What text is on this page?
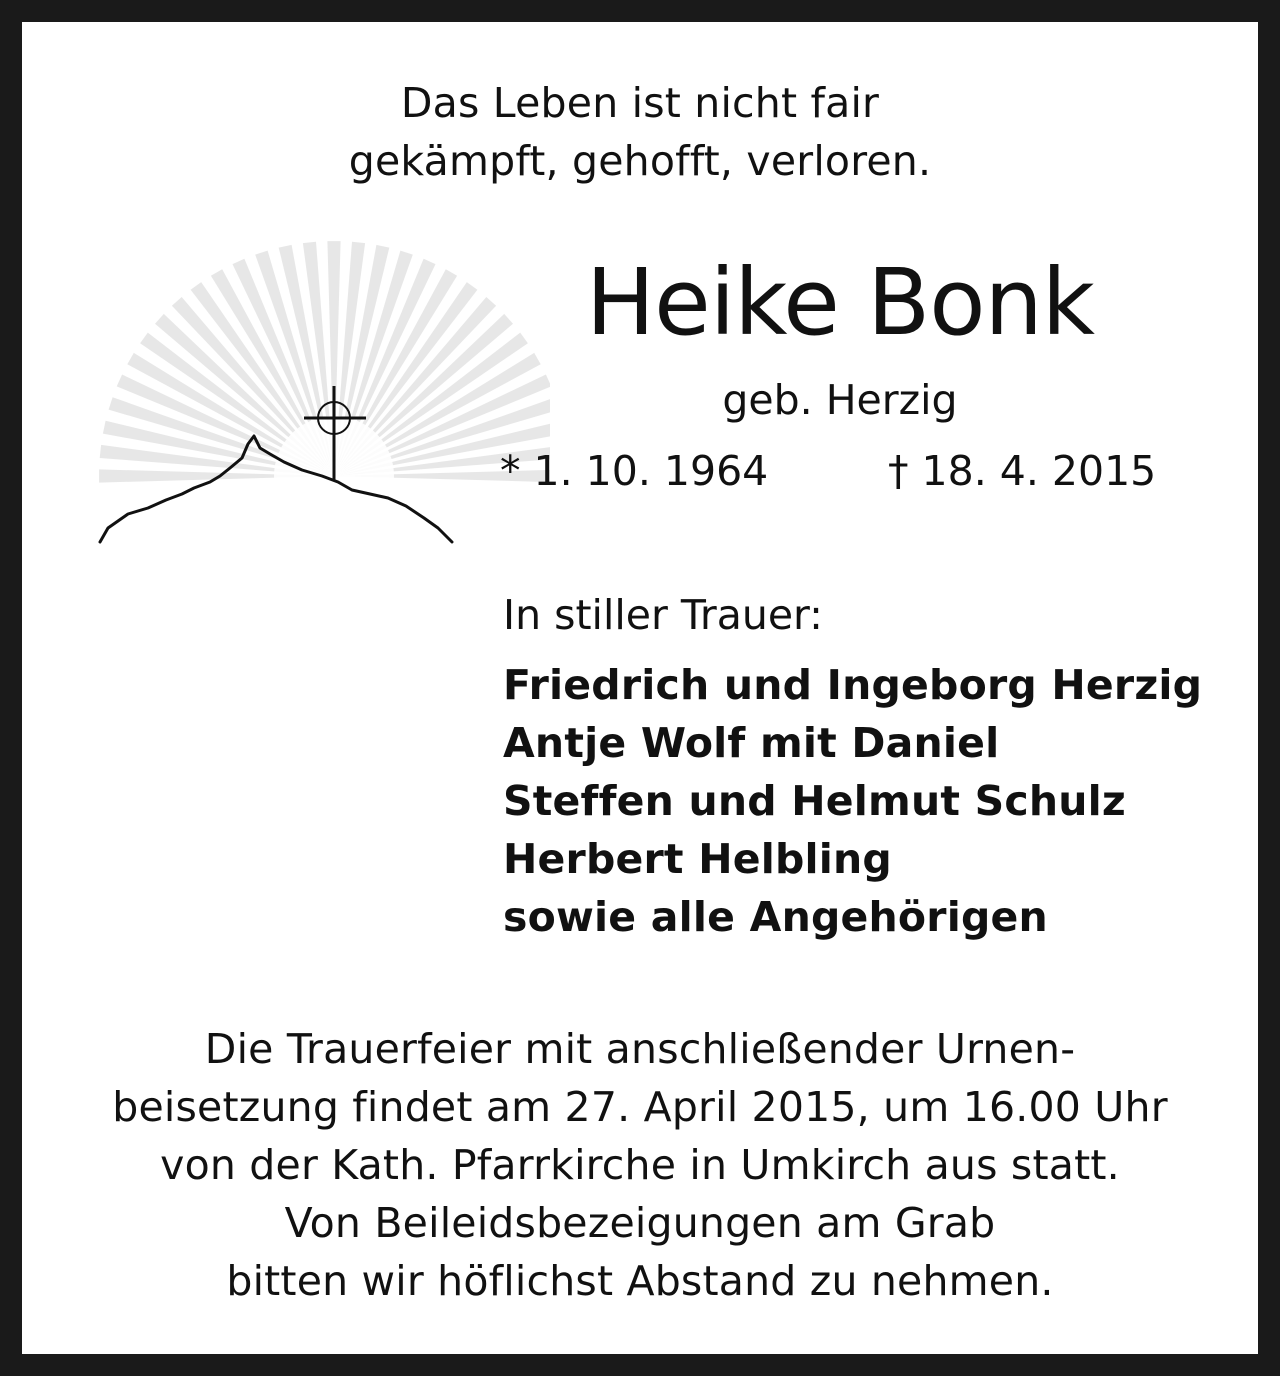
Das Leben ist nicht fair
gekämpft, gehofft, verloren.

Heike Bonk

geb. Herzig

* 1. 10. 1964	† 18. 4. 2015

In stiller Trauer:

Friedrich und Ingeborg Herzig
Antje Wolf mit Daniel
Steffen und Helmut Schulz
Herbert Helbling
sowie alle Angehörigen

Die Trauerfeier mit anschließender Urnen-
beisetzung findet am 27. April 2015, um 16.00 Uhr
von der Kath. Pfarrkirche in Umkirch aus statt.
Von Beileidsbezeigungen am Grab
bitten wir höflichst Abstand zu nehmen.
